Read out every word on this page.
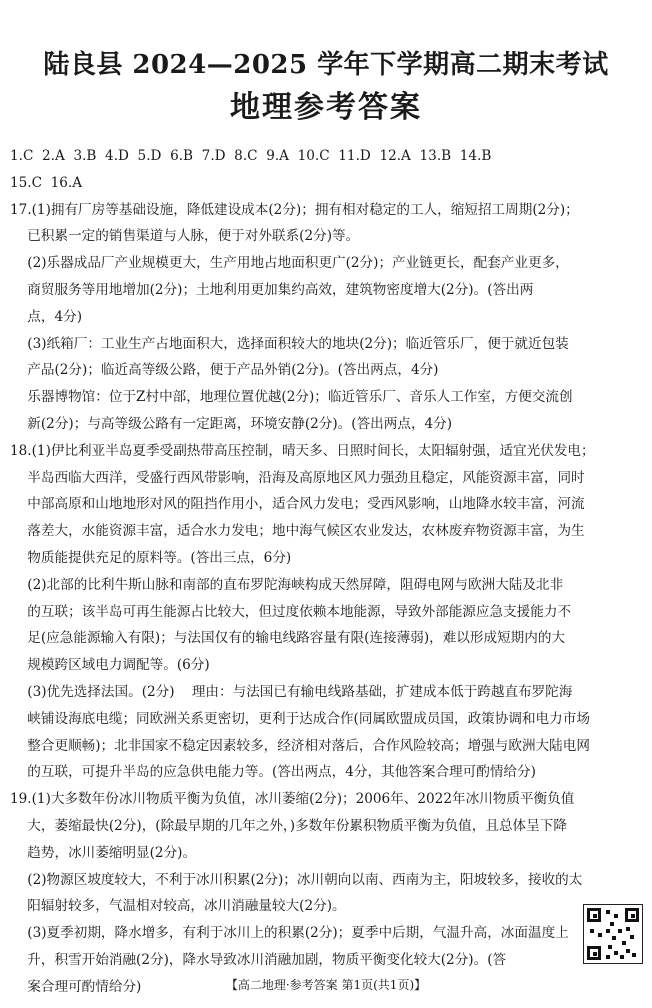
陆良县 2024—2025 学年下学期高二期末考试
地理参考答案
1.C  2.A  3.B  4.D  5.D  6.B  7.D  8.C  9.A  10.C  11.D  12.A  13.B  14.B
15.C  16.A
17.(1)拥有厂房等基础设施，降低建设成本(2分)；拥有相对稳定的工人，缩短招工周期(2分)；
已积累一定的销售渠道与人脉，便于对外联系(2分)等。
(2)乐器成品厂产业规模更大，生产用地占地面积更广(2分)；产业链更长，配套产业更多，
商贸服务等用地增加(2分)；土地利用更加集约高效，建筑物密度增大(2分)。(答出两
点，4分)
(3)纸箱厂：工业生产占地面积大，选择面积较大的地块(2分)；临近管乐厂，便于就近包装
产品(2分)；临近高等级公路，便于产品外销(2分)。(答出两点，4分)
乐器博物馆：位于Z村中部，地理位置优越(2分)；临近管乐厂、音乐人工作室，方便交流创
新(2分)；与高等级公路有一定距离，环境安静(2分)。(答出两点，4分)
18.(1)伊比利亚半岛夏季受副热带高压控制，晴天多、日照时间长，太阳辐射强，适宜光伏发电；
半岛西临大西洋，受盛行西风带影响，沿海及高原地区风力强劲且稳定，风能资源丰富，同时
中部高原和山地地形对风的阻挡作用小，适合风力发电；受西风影响，山地降水较丰富，河流
落差大，水能资源丰富，适合水力发电；地中海气候区农业发达，农林废弃物资源丰富，为生
物质能提供充足的原料等。(答出三点，6分)
(2)北部的比利牛斯山脉和南部的直布罗陀海峡构成天然屏障，阻碍电网与欧洲大陆及北非
的互联；该半岛可再生能源占比较大，但过度依赖本地能源，导致外部能源应急支援能力不
足(应急能源输入有限)；与法国仅有的输电线路容量有限(连接薄弱)，难以形成短期内的大
规模跨区域电力调配等。(6分)
(3)优先选择法国。(2分)    理由：与法国已有输电线路基础，扩建成本低于跨越直布罗陀海
峡铺设海底电缆；同欧洲关系更密切，更利于达成合作(同属欧盟成员国，政策协调和电力市场
整合更顺畅)；北非国家不稳定因素较多，经济相对落后，合作风险较高；增强与欧洲大陆电网
的互联，可提升半岛的应急供电能力等。(答出两点，4分，其他答案合理可酌情给分)
19.(1)大多数年份冰川物质平衡为负值，冰川萎缩(2分)；2006年、2022年冰川物质平衡负值
大，萎缩最快(2分)，(除最早期的几年之外，)多数年份累积物质平衡为负值，且总体呈下降
趋势，冰川萎缩明显(2分)。
(2)物源区坡度较大，不利于冰川积累(2分)；冰川朝向以南、西南为主，阳坡较多，接收的太
阳辐射较多，气温相对较高，冰川消融量较大(2分)。
(3)夏季初期，降水增多，有利于冰川上的积累(2分)；夏季中后期，气温升高，冰面温度上
升，积雪开始消融(2分)，降水导致冰川消融加剧，物质平衡变化较大(2分)。(答
案合理可酌情给分)	【高二地理·参考答案 第1页(共1页)】
